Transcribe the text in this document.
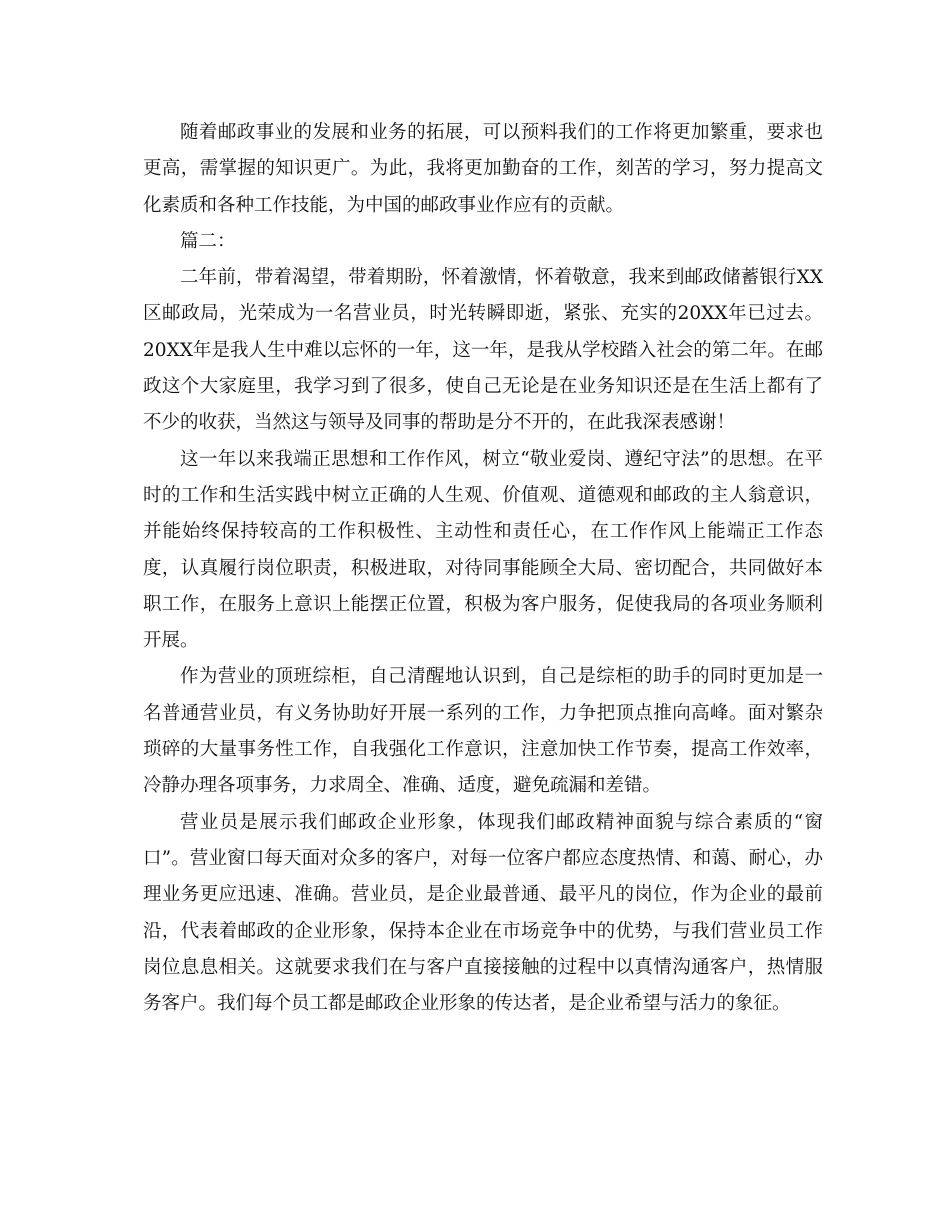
随着邮政事业的发展和业务的拓展，可以预料我们的工作将更加繁重，要求也更高，需掌握的知识更广。为此，我将更加勤奋的工作，刻苦的学习，努力提高文化素质和各种工作技能，为中国的邮政事业作应有的贡献。

篇二：

二年前，带着渴望，带着期盼，怀着激情，怀着敬意，我来到邮政储蓄银行XX区邮政局，光荣成为一名营业员，时光转瞬即逝，紧张、充实的20XX年已过去。20XX年是我人生中难以忘怀的一年，这一年，是我从学校踏入社会的第二年。在邮政这个大家庭里，我学习到了很多，使自己无论是在业务知识还是在生活上都有了不少的收获，当然这与领导及同事的帮助是分不开的，在此我深表感谢！

这一年以来我端正思想和工作作风，树立“敬业爱岗、遵纪守法”的思想。在平时的工作和生活实践中树立正确的人生观、价值观、道德观和邮政的主人翁意识，并能始终保持较高的工作积极性、主动性和责任心，在工作作风上能端正工作态度，认真履行岗位职责，积极进取，对待同事能顾全大局、密切配合，共同做好本职工作，在服务上意识上能摆正位置，积极为客户服务，促使我局的各项业务顺利开展。

作为营业的顶班综柜，自己清醒地认识到，自己是综柜的助手的同时更加是一名普通营业员，有义务协助好开展一系列的工作，力争把顶点推向高峰。面对繁杂琐碎的大量事务性工作，自我强化工作意识，注意加快工作节奏，提高工作效率，冷静办理各项事务，力求周全、准确、适度，避免疏漏和差错。

营业员是展示我们邮政企业形象，体现我们邮政精神面貌与综合素质的“窗口”。营业窗口每天面对众多的客户，对每一位客户都应态度热情、和蔼、耐心，办理业务更应迅速、准确。营业员，是企业最普通、最平凡的岗位，作为企业的最前沿，代表着邮政的企业形象，保持本企业在市场竞争中的优势，与我们营业员工作岗位息息相关。这就要求我们在与客户直接接触的过程中以真情沟通客户，热情服务客户。我们每个员工都是邮政企业形象的传达者，是企业希望与活力的象征。
